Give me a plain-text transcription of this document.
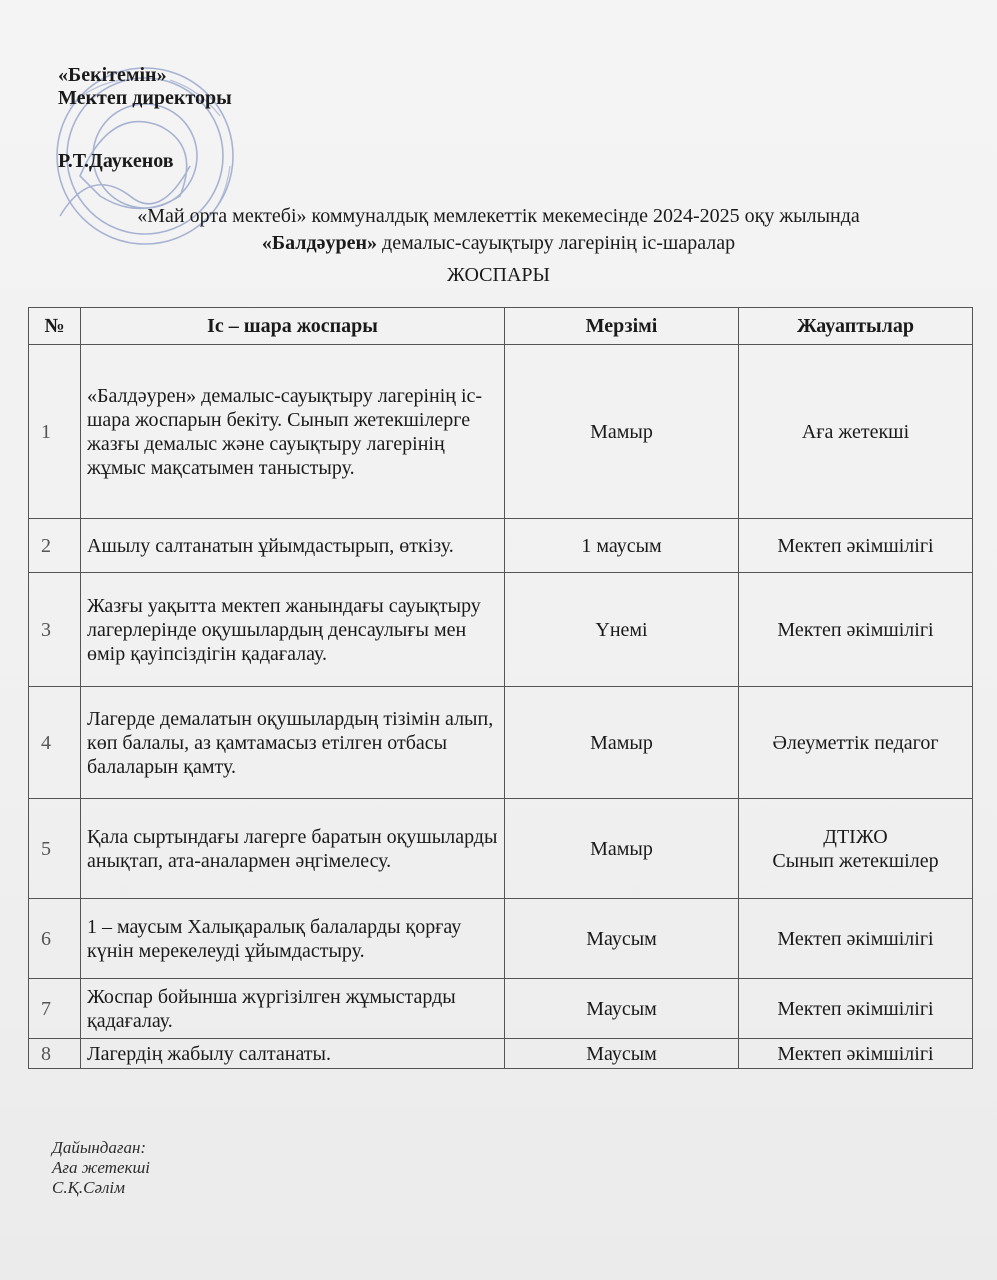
«Бекітемін»
Мектеп директоры
Р.Т.Даукенов
«Май орта мектебі» коммуналдық мемлекеттік мекемесінде 2024-2025 оқу жылында
«Балдәурен» демалыс-сауықтыру лагерінің іс-шаралар
ЖОСПАРЫ
№	Іс – шара жоспары	Мерзімі	Жауаптылар
1	«Балдәурен» демалыс-сауықтыру лагерінің іс-шара жоспарын бекіту. Сынып жетекшілерге жазғы демалыс және сауықтыру лагерінің жұмыс мақсатымен таныстыру.	Мамыр	Аға жетекші
2	Ашылу салтанатын ұйымдастырып, өткізу.	1 маусым	Мектеп әкімшілігі
3	Жазғы уақытта мектеп жанындағы сауықтыру лагерлерінде оқушылардың денсаулығы мен өмір қауіпсіздігін қадағалау.	Үнемі	Мектеп әкімшілігі
4	Лагерде демалатын оқушылардың тізімін алып, көп балалы, аз қамтамасыз етілген отбасы балаларын қамту.	Мамыр	Әлеуметтік педагог
5	Қала сыртындағы лагерге баратын оқушыларды анықтап, ата-аналармен әңгімелесу.	Мамыр	ДТІЖО
Сынып жетекшілер

6	1 – маусым Халықаралық балаларды қорғау күнін мерекелеуді ұйымдастыру.	Маусым	Мектеп әкімшілігі
7	Жоспар бойынша жүргізілген жұмыстарды қадағалау.	Маусым	Мектеп әкімшілігі
8	Лагердің жабылу салтанаты.	Маусым	Мектеп әкімшілігі
Дайындаған:
Аға жетекші
С.Қ.Сәлім
